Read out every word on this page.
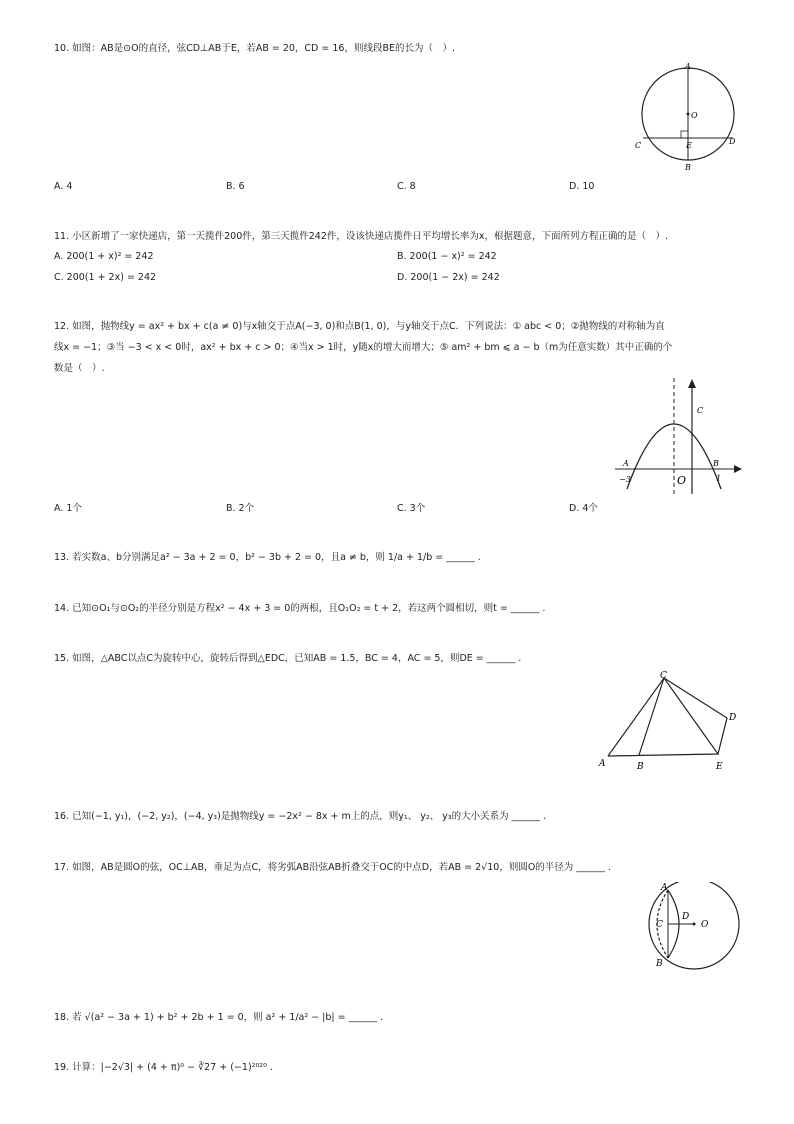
10. 如图：AB是⊙O的直径，弦CD⊥AB于E，若AB = 20，CD = 16，则线段BE的长为（　）.
A
O
C	D
E
B
A. 4	B. 6	C. 8	D. 10
11. 小区新增了一家快递店，第一天揽件200件，第三天揽件242件，设该快递店揽件日平均增长率为x，根据题意，下面所列方程正确的是（　）.
A. 200(1 + x)² = 242	B. 200(1 − x)² = 242
C. 200(1 + 2x) = 242	D. 200(1 − 2x) = 242
12. 如图，抛物线y = ax² + bx + c(a ≠ 0)与x轴交于点A(−3, 0)和点B(1, 0)，与y轴交于点C．下列说法：① abc < 0；②抛物线的对称轴为直
线x = −1；③当 −3 < x < 0时，ax² + bx + c > 0；④当x > 1时，y随x的增大而增大；⑤ am² + bm ⩽ a − b（m为任意实数）其中正确的个
数是（　）.
A
−3	O
B
1
C
A. 1个	B. 2个	C. 3个	D. 4个
13. 若实数a、b分别满足a² − 3a + 2 = 0，b² − 3b + 2 = 0，且a ≠ b，则 1/a + 1/b = ______ .
14. 已知⊙O₁与⊙O₂的半径分别是方程x² − 4x + 3 = 0的两根，且O₁O₂ = t + 2，若这两个圆相切，则t = ______ .
15. 如图，△ABC以点C为旋转中心，旋转后得到△EDC，已知AB = 1.5，BC = 4，AC = 5，则DE = ______ .
C
D
A	B	E
16. 已知(−1, y₁)，(−2, y₂)，(−4, y₃)是抛物线y = −2x² − 8x + m上的点，则y₁、 y₂、 y₃的大小关系为 ______ .
17. 如图，AB是圆O的弦，OC⊥AB，垂足为点C，将劣弧AB沿弦AB折叠交于OC的中点D，若AB = 2√10，则圆O的半径为 ______ .
A
C
D
O
B
18. 若 √(a² − 3a + 1) + b² + 2b + 1 = 0，则 a² + 1/a² − |b| = ______ .
19. 计算：|−2√3| + (4 + π)⁰ − ∛27 + (−1)²⁰²⁰ .
